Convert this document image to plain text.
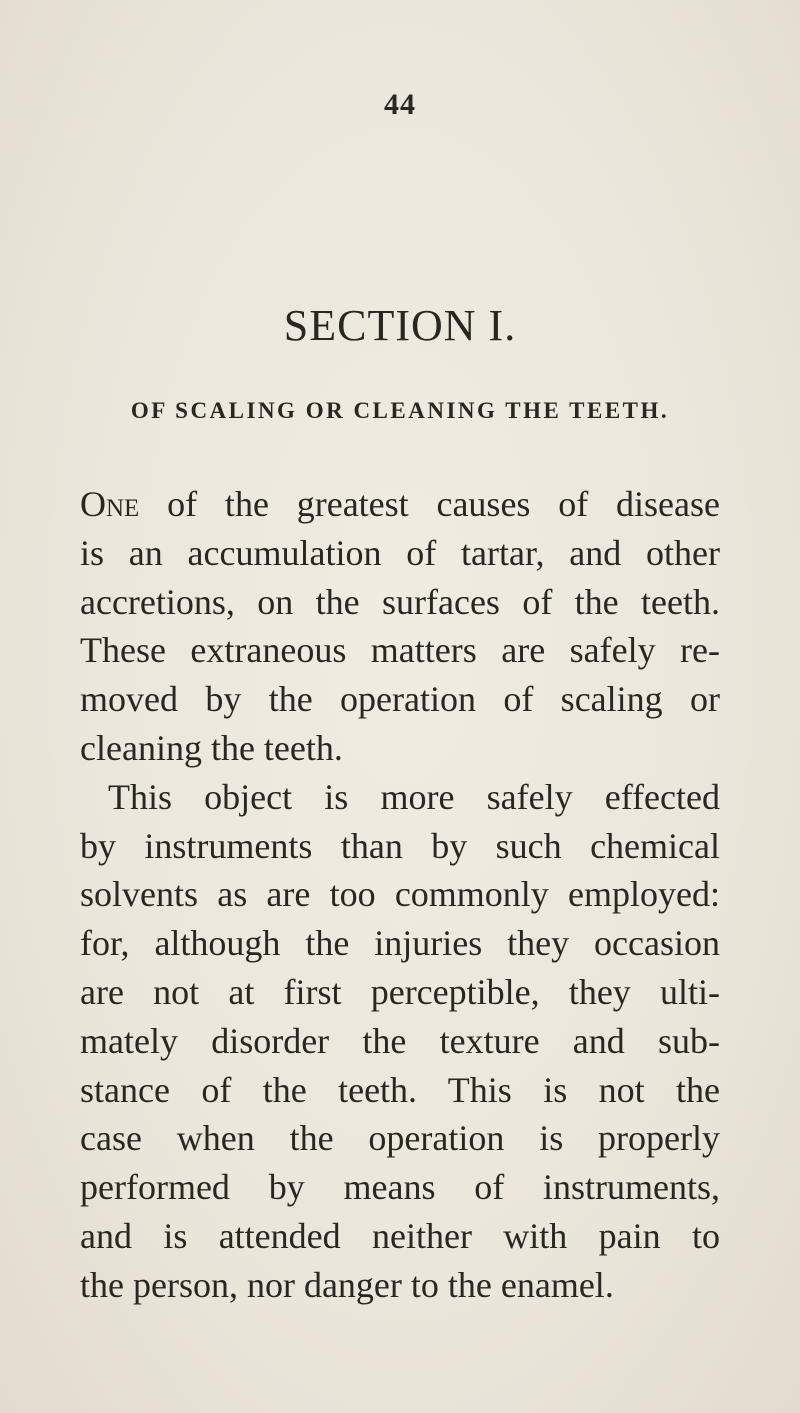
44
SECTION I.
OF SCALING OR CLEANING THE TEETH.
One of the greatest causes of disease
is an accumulation of tartar, and other
accretions, on the surfaces of the teeth.
These extraneous matters are safely re-
moved by the operation of scaling or
cleaning the teeth.
This object is more safely effected
by instruments than by such chemical
solvents as are too commonly employed:
for, although the injuries they occasion
are not at first perceptible, they ulti-
mately disorder the texture and sub-
stance of the teeth. This is not the
case when the operation is properly
performed by means of instruments,
and is attended neither with pain to
the person, nor danger to the enamel.
